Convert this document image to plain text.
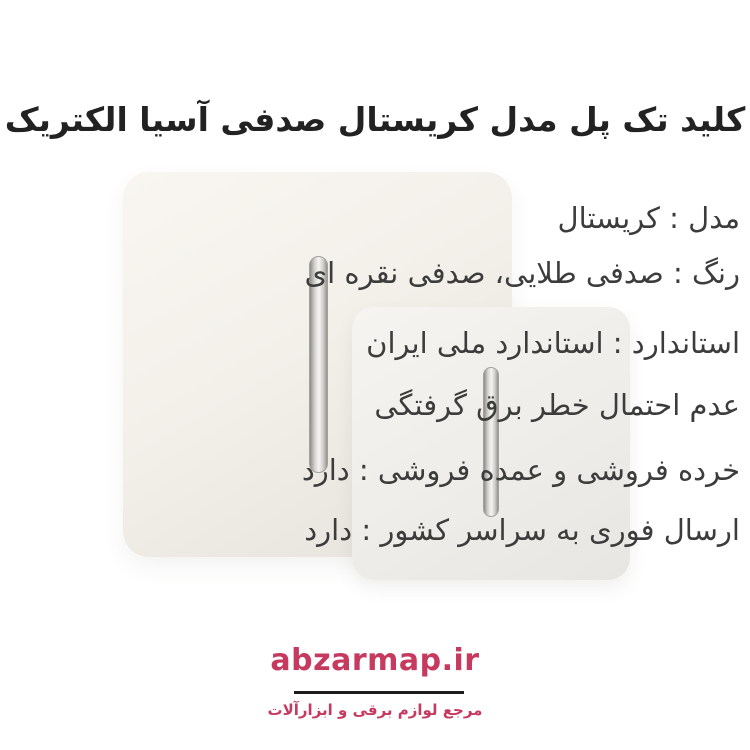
کلید تک پل مدل کریستال صدفی آسیا الکتریک
مدل : کریستال
رنگ : صدفی طلایی، صدفی نقره ای
استاندارد : استاندارد ملی ایران
عدم احتمال خطر برق گرفتگی
خرده فروشی و عمده فروشی : دارد
ارسال فوری به سراسر کشور : دارد
abzarmap.ir
مرجع لوازم برقی و ابزارآلات
